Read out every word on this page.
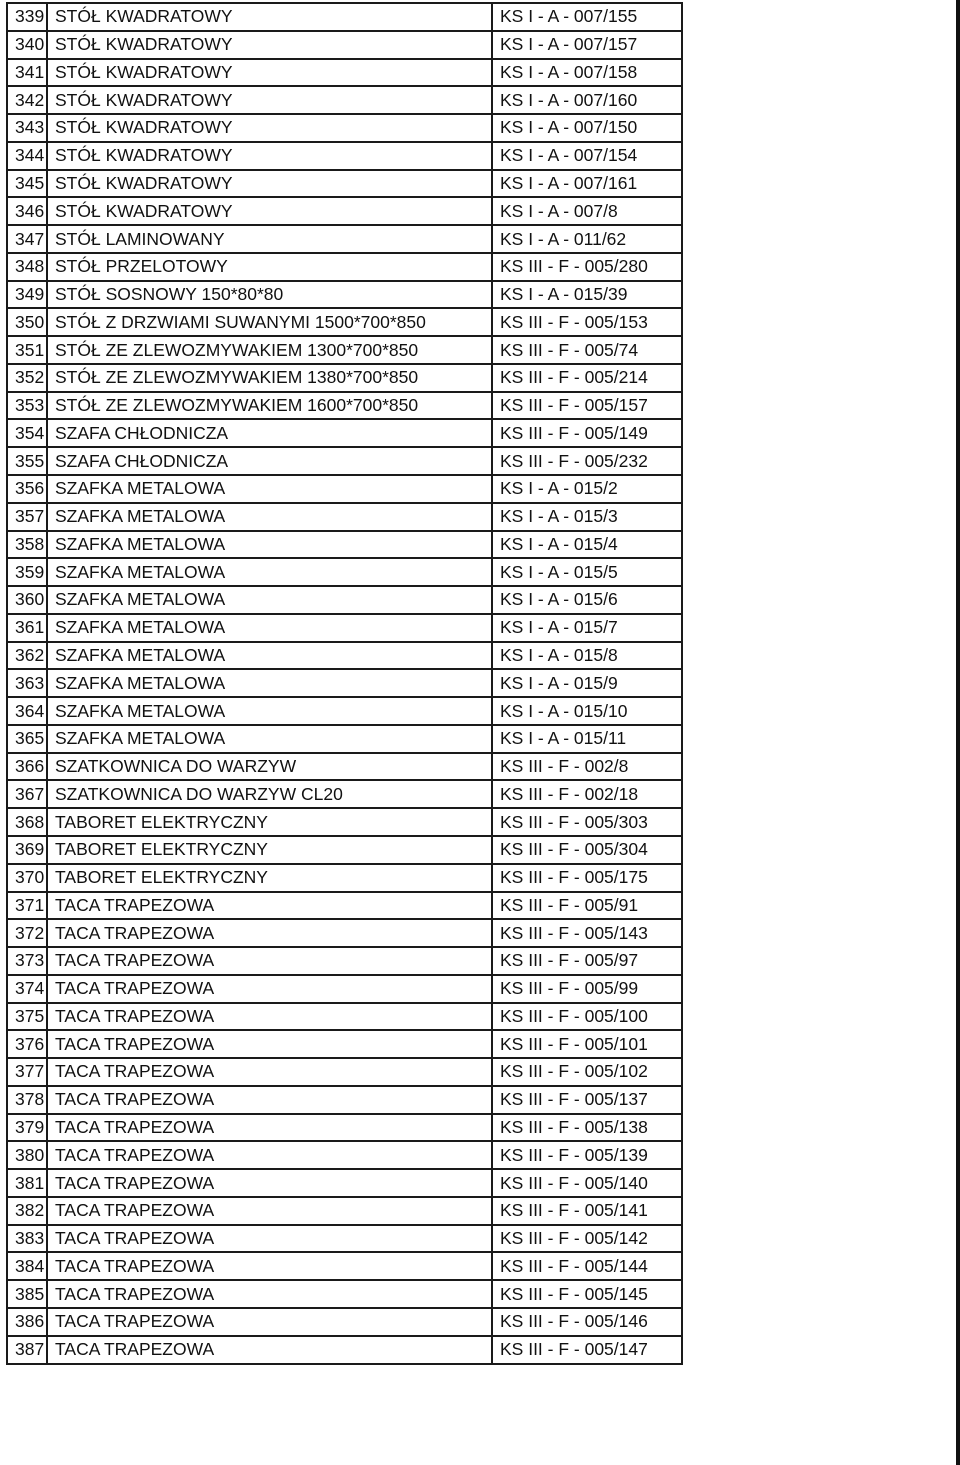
339	STÓŁ KWADRATOWY	KS I - A - 007/155
340	STÓŁ KWADRATOWY	KS I - A - 007/157
341	STÓŁ KWADRATOWY	KS I - A - 007/158
342	STÓŁ KWADRATOWY	KS I - A - 007/160
343	STÓŁ KWADRATOWY	KS I - A - 007/150
344	STÓŁ KWADRATOWY	KS I - A - 007/154
345	STÓŁ KWADRATOWY	KS I - A - 007/161
346	STÓŁ KWADRATOWY	KS I - A - 007/8
347	STÓŁ LAMINOWANY	KS I - A - 011/62
348	STÓŁ PRZELOTOWY	KS III - F - 005/280
349	STÓŁ SOSNOWY 150*80*80	KS I - A - 015/39
350	STÓŁ Z DRZWIAMI SUWANYMI 1500*700*850	KS III - F - 005/153
351	STÓŁ ZE ZLEWOZMYWAKIEM 1300*700*850	KS III - F - 005/74
352	STÓŁ ZE ZLEWOZMYWAKIEM 1380*700*850	KS III - F - 005/214
353	STÓŁ ZE ZLEWOZMYWAKIEM 1600*700*850	KS III - F - 005/157
354	SZAFA CHŁODNICZA	KS III - F - 005/149
355	SZAFA CHŁODNICZA	KS III - F - 005/232
356	SZAFKA METALOWA	KS I - A - 015/2
357	SZAFKA METALOWA	KS I - A - 015/3
358	SZAFKA METALOWA	KS I - A - 015/4
359	SZAFKA METALOWA	KS I - A - 015/5
360	SZAFKA METALOWA	KS I - A - 015/6
361	SZAFKA METALOWA	KS I - A - 015/7
362	SZAFKA METALOWA	KS I - A - 015/8
363	SZAFKA METALOWA	KS I - A - 015/9
364	SZAFKA METALOWA	KS I - A - 015/10
365	SZAFKA METALOWA	KS I - A - 015/11
366	SZATKOWNICA DO WARZYW	KS III - F - 002/8
367	SZATKOWNICA DO WARZYW CL20	KS III - F - 002/18
368	TABORET ELEKTRYCZNY	KS III - F - 005/303
369	TABORET ELEKTRYCZNY	KS III - F - 005/304
370	TABORET ELEKTRYCZNY	KS III - F - 005/175
371	TACA TRAPEZOWA	KS III - F - 005/91
372	TACA TRAPEZOWA	KS III - F - 005/143
373	TACA TRAPEZOWA	KS III - F - 005/97
374	TACA TRAPEZOWA	KS III - F - 005/99
375	TACA TRAPEZOWA	KS III - F - 005/100
376	TACA TRAPEZOWA	KS III - F - 005/101
377	TACA TRAPEZOWA	KS III - F - 005/102
378	TACA TRAPEZOWA	KS III - F - 005/137
379	TACA TRAPEZOWA	KS III - F - 005/138
380	TACA TRAPEZOWA	KS III - F - 005/139
381	TACA TRAPEZOWA	KS III - F - 005/140
382	TACA TRAPEZOWA	KS III - F - 005/141
383	TACA TRAPEZOWA	KS III - F - 005/142
384	TACA TRAPEZOWA	KS III - F - 005/144
385	TACA TRAPEZOWA	KS III - F - 005/145
386	TACA TRAPEZOWA	KS III - F - 005/146
387	TACA TRAPEZOWA	KS III - F - 005/147
